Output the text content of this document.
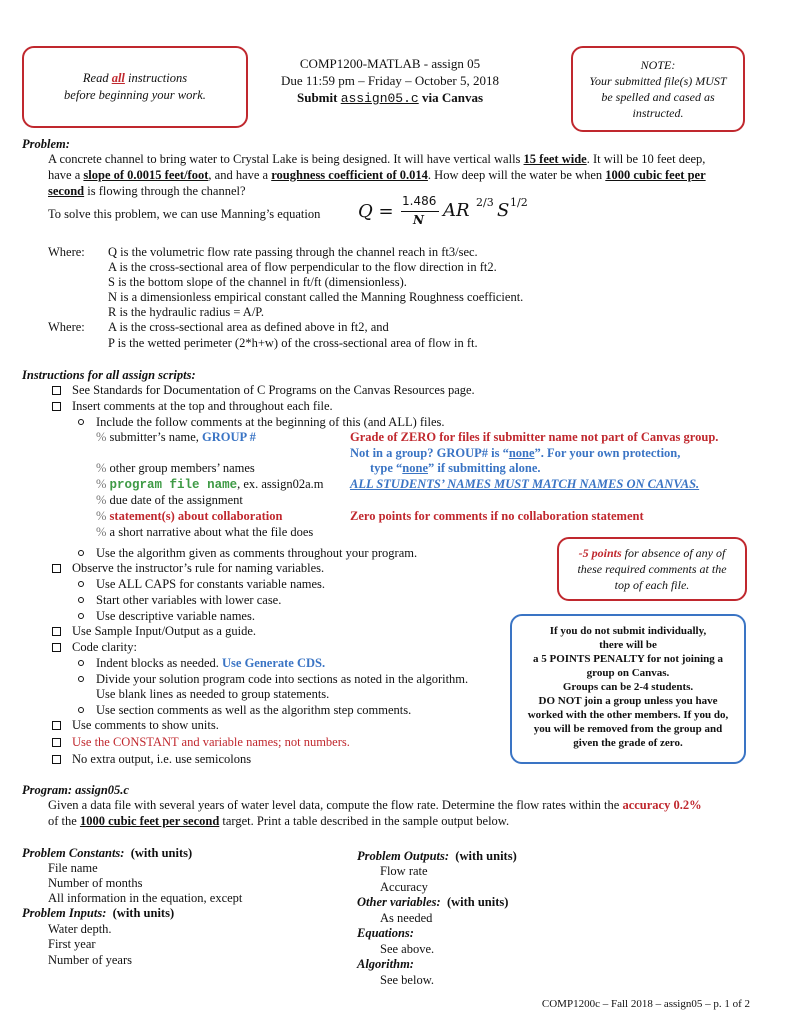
Read all instructions
before beginning your work.
COMP1200-MATLAB - assign 05
Due 11:59 pm – Friday – October 5, 2018
Submit assign05.c via Canvas
NOTE:
Your submitted file(s) MUST
be spelled and cased as
instructed.
Problem:
A concrete channel to bring water to Crystal Lake is being designed. It will have vertical walls 15 feet wide. It will be 10 feet deep,
have a slope of 0.0015 feet/foot, and have a roughness coefficient of 0.014. How deep will the water be when 1000 cubic feet per
second is flowing through the channel?
To solve this problem, we can use Manning’s equation Q = 1.486
N AR 2/3 S 1/2
Where: Q is the volumetric flow rate passing through the channel reach in ft3/sec.
A is the cross-sectional area of flow perpendicular to the flow direction in ft2.
S is the bottom slope of the channel in ft/ft (dimensionless).
N is a dimensionless empirical constant called the Manning Roughness coefficient.
R is the hydraulic radius = A/P.
Where: A is the cross-sectional area as defined above in ft2, and
P is the wetted perimeter (2*h+w) of the cross-sectional area of flow in ft.
Instructions for all assign scripts:
See Standards for Documentation of C Programs on the Canvas Resources page.
Insert comments at the top and throughout each file.
Include the follow comments at the beginning of this (and ALL) files.
% submitter’s name, GROUP #	Grade of ZERO for files if submitter name not part of Canvas group.
Not in a group? GROUP# is “none”. For your own protection,
type “none” if submitting alone.
% other group members’ names
% program file name, ex. assign02a.m ALL STUDENTS’ NAMES MUST MATCH NAMES ON CANVAS.
% due date of the assignment
% statement(s) about collaboration	Zero points for comments if no collaboration statement
% a short narrative about what the file does
Use the algorithm given as comments throughout your program.
Observe the instructor’s rule for naming variables.
Use ALL CAPS for constants variable names.
Start other variables with lower case.
Use descriptive variable names.
Use Sample Input/Output as a guide.
Code clarity:
Indent blocks as needed. Use Generate CDS.
Divide your solution program code into sections as noted in the algorithm.
Use blank lines as needed to group statements.
Use section comments as well as the algorithm step comments.
Use comments to show units.
Use the CONSTANT and variable names; not numbers.
No extra output, i.e. use semicolons
-5 points for absence of any of
these required comments at the
top of each file.
If you do not submit individually,
there will be
a 5 POINTS PENALTY for not joining a
group on Canvas.
Groups can be 2-4 students.
DO NOT join a group unless you have
worked with the other members. If you do,
you will be removed from the group and
given the grade of zero.
Program: assign05.c
Given a data file with several years of water level data, compute the flow rate. Determine the flow rates within the accuracy 0.2%
of the 1000 cubic feet per second target. Print a table described in the sample output below.
Problem Constants: (with units)
File name
Number of months
All information in the equation, except
Problem Inputs: (with units)
Water depth.
First year
Number of years
Problem Outputs: (with units)
Flow rate
Accuracy
Other variables: (with units)
As needed
Equations:
See above.
Algorithm:
See below.
COMP1200c – Fall 2018 – assign05 – p. 1 of 2
